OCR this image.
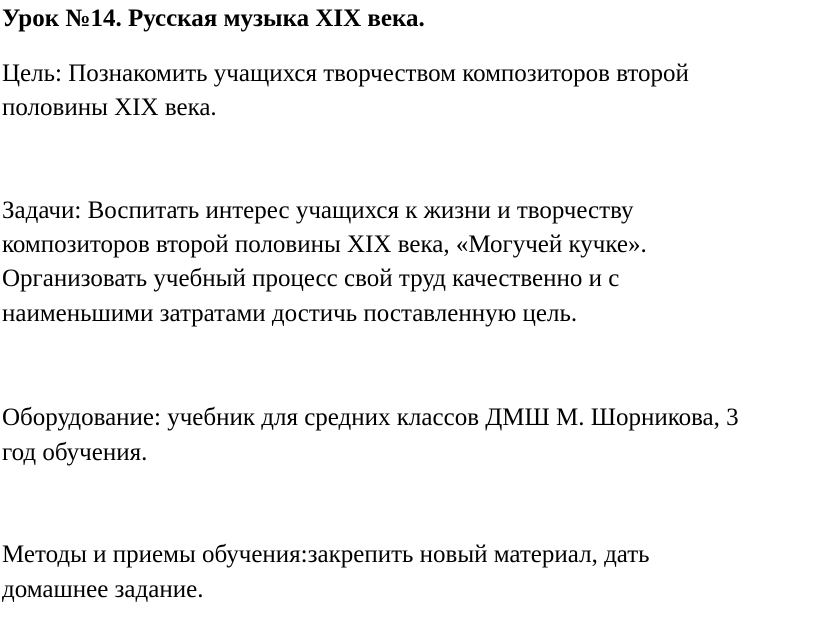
Урок №14. Русская музыка XIX века.
Цель: Познакомить учащихся творчеством композиторов второй
половины XIX века.
Задачи: Воспитать интерес учащихся к жизни и творчеству
композиторов второй половины XIX века, «Могучей кучке».
Организовать учебный процесс свой труд качественно и с
наименьшими затратами достичь поставленную цель.
Оборудование: учебник для средних классов ДМШ М. Шорникова, 3
год обучения.
Методы и приемы обучения:закрепить новый материал, дать
домашнее задание.
